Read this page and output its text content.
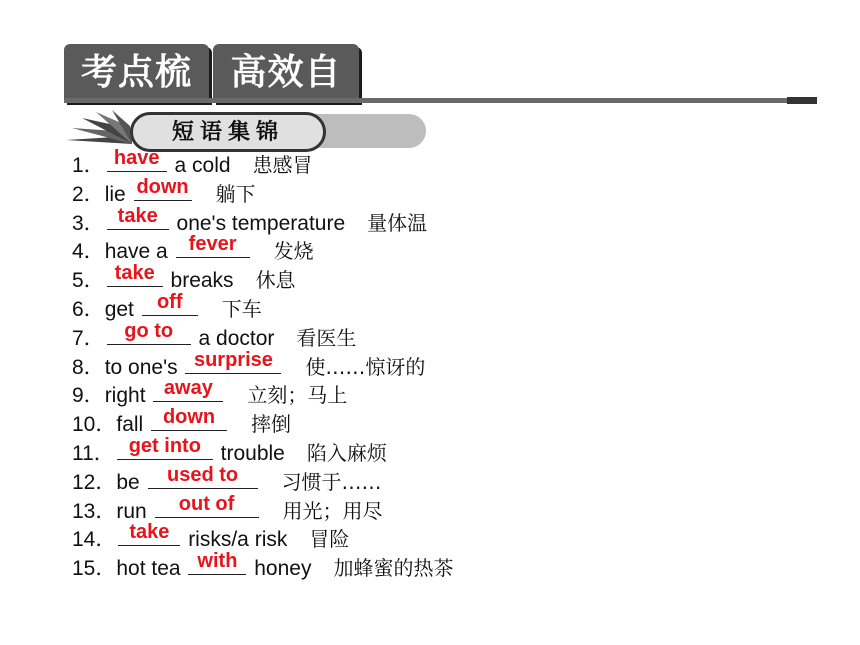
考点梳	高效自
短语集锦
1． have a cold 患感冒
2．lie down 躺下
3． take one's temperature 量体温
4．have a fever	发烧
5． take breaks 休息
6．get off	下车
7． go to a doctor 看医生
8．to one's surprise	使……惊讶的
9．right away	立刻；马上
10．fall down	摔倒
11． get into trouble 陷入麻烦
12．be	used to	习惯于……
13．run	out of	用光；用尽
14． take risks/a risk 冒险
15．hot tea with honey 加蜂蜜的热茶
